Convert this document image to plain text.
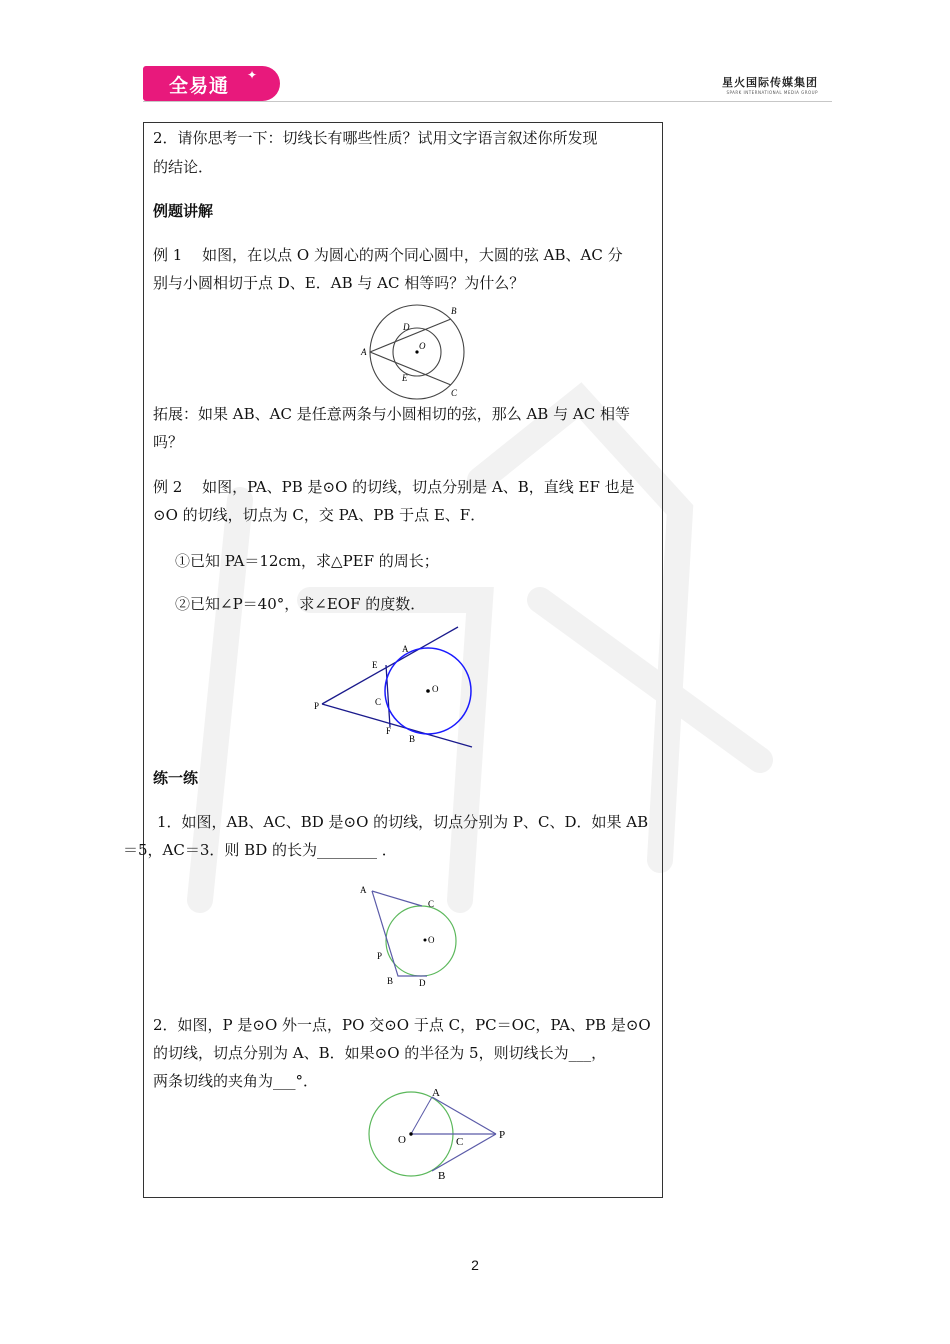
全易通 ✦
星火国际传媒集团
SPARK INTERNATIONAL MEDIA GROUP
2．请你思考一下：切线长有哪些性质？试用文字语言叙述你所发现
的结论．
例题讲解
例 1　 如图，在以点 O 为圆心的两个同心圆中，大圆的弦 AB、AC 分
别与小圆相切于点 D、E．AB 与 AC 相等吗？为什么？
A
B
C
D
E
O
拓展：如果 AB、AC 是任意两条与小圆相切的弦，那么 AB 与 AC 相等
吗？
例 2　 如图，PA、PB 是⊙O 的切线，切点分别是 A、B，直线 EF 也是
⊙O 的切线，切点为 C，交 PA、PB 于点 E、F．
①已知 PA＝12cm，求△PEF 的周长；
②已知∠P＝40°，求∠EOF 的度数．
P
A
B
C
E
F
O
练一练
1．如图，AB、AC、BD 是⊙O 的切线，切点分别为 P、C、D．如果 AB
＝5，AC＝3．则 BD 的长为________ ．
A
C
O
P
B	D
2．如图，P 是⊙O 外一点，PO 交⊙O 于点 C，PC＝OC，PA、PB 是⊙O
的切线，切点分别为 A、B．如果⊙O 的半径为 5，则切线长为___，
两条切线的夹角为___°．
O
A
B
C
P
2
